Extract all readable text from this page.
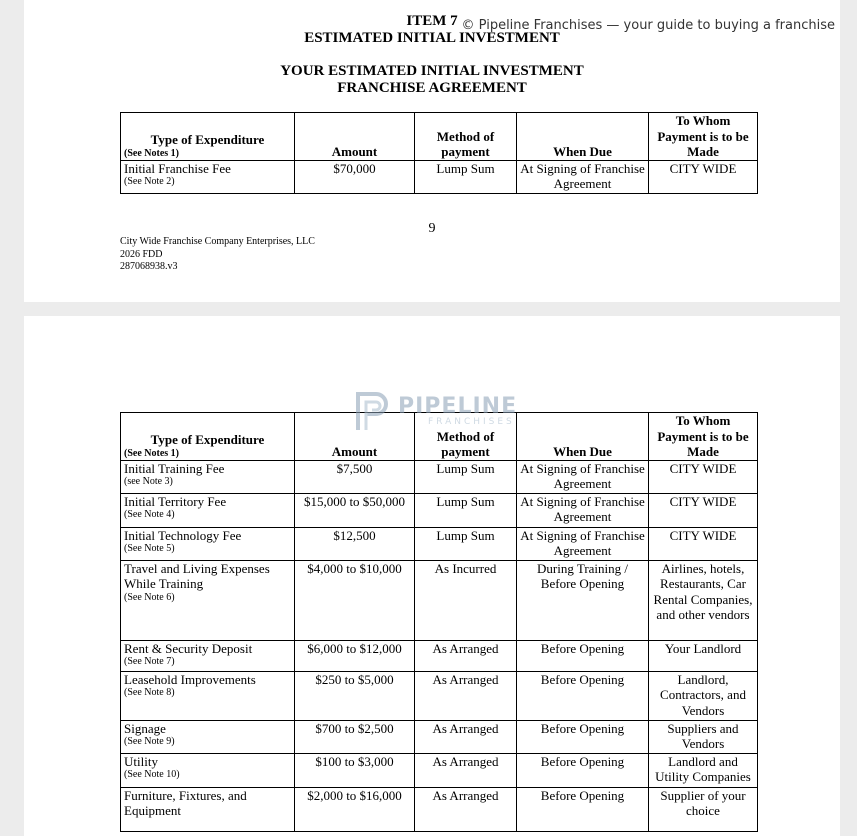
© Pipeline Franchises — your guide to buying a franchise
ITEM 7
ESTIMATED INITIAL INVESTMENT
YOUR ESTIMATED INITIAL INVESTMENT
FRANCHISE AGREEMENT
Type of Expenditure
(See Notes 1)	Amount	Method of payment	When Due	To Whom Payment is to be Made

Initial Franchise Fee
(See Note 2)	$70,000	Lump Sum	At Signing of Franchise Agreement	CITY WIDE
9
City Wide Franchise Company Enterprises, LLC
2026 FDD
287068938.v3
PIPELINE
FRANCHISES
Type of Expenditure
(See Notes 1)	Amount	Method of payment	When Due	To Whom Payment is to be Made

Initial Training Fee
(see Note 3)	$7,500	Lump Sum	At Signing of Franchise Agreement	CITY WIDE

Initial Territory Fee
(See Note 4)	$15,000 to $50,000	Lump Sum	At Signing of Franchise Agreement	CITY WIDE

Initial Technology Fee
(See Note 5)	$12,500	Lump Sum	At Signing of Franchise Agreement	CITY WIDE

Travel and Living Expenses While Training
(See Note 6)	$4,000 to $10,000	As Incurred	During Training / Before Opening	Airlines, hotels, Restaurants, Car Rental Companies, and other vendors

Rent & Security Deposit
(See Note 7)	$6,000 to $12,000	As Arranged	Before Opening	Your Landlord

Leasehold Improvements
(See Note 8)	$250 to $5,000	As Arranged	Before Opening	Landlord, Contractors, and Vendors

Signage
(See Note 9)	$700 to $2,500	As Arranged	Before Opening	Suppliers and Vendors

Utility
(See Note 10)	$100 to $3,000	As Arranged	Before Opening	Landlord and Utility Companies

Furniture, Fixtures, and Equipment	$2,000 to $16,000	As Arranged	Before Opening	Supplier of your choice
